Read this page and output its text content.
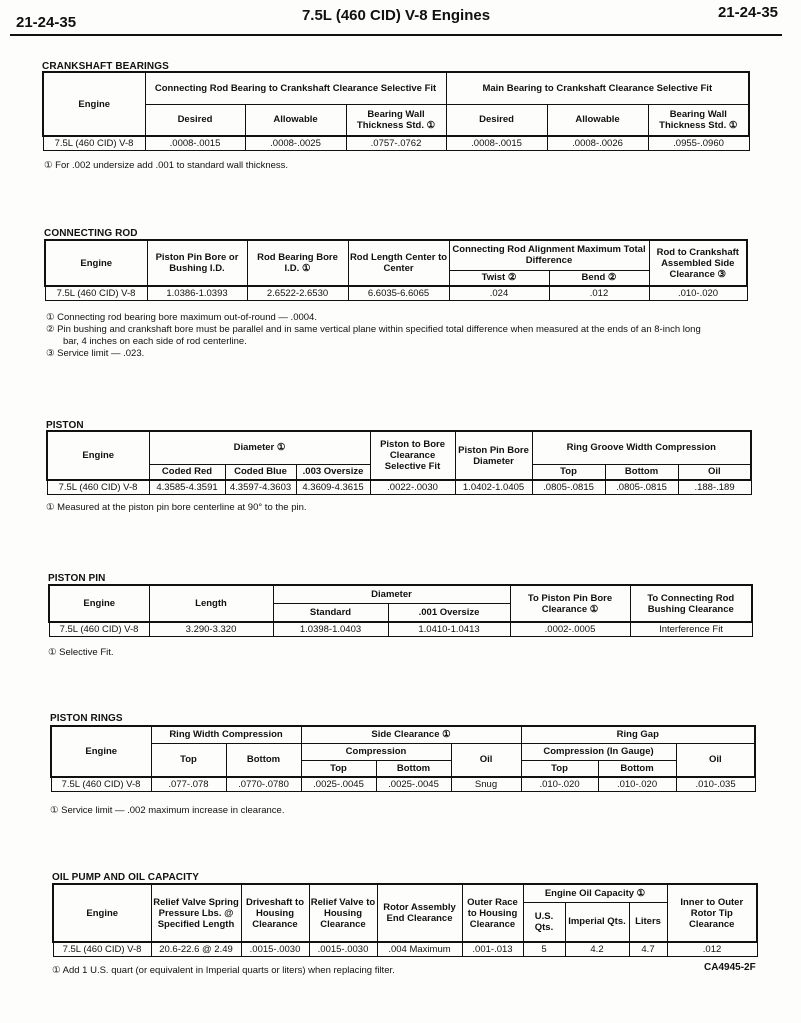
21-24-35	7.5L (460 CID) V-8 Engines	21-24-35
CRANKSHAFT BEARINGS
Engine	Connecting Rod Bearing to Crankshaft Clearance Selective Fit			Main Bearing to Crankshaft Clearance Selective Fit		
	Desired	Allowable	Bearing Wall Thickness Std. ①	Desired	Allowable	Bearing Wall Thickness Std. ①
7.5L (460 CID) V-8	.0008-.0015	.0008-.0025	.0757-.0762	.0008-.0015	.0008-.0026	.0955-.0960
① For .002 undersize add .001 to standard wall thickness.
CONNECTING ROD
Engine	Piston Pin Bore or Bushing I.D.	Rod Bearing Bore I.D. ①	Rod Length Center to Center	Connecting Rod Alignment Maximum Total Difference		Rod to Crankshaft Assembled Side Clearance ③
				Twist ②	Bend ②	
7.5L (460 CID) V-8	1.0386-1.0393	2.6522-2.6530	6.6035-6.6065	.024	.012	.010-.020
① Connecting rod bearing bore maximum out-of-round — .0004.
② Pin bushing and crankshaft bore must be parallel and in same vertical plane within specified total difference when measured at the ends of an 8-inch long
bar, 4 inches on each side of rod centerline.
③ Service limit — .023.
PISTON
Engine	Diameter ①			Piston to Bore Clearance Selective Fit	Piston Pin Bore Diameter	Ring Groove Width Compression		
	Coded Red	Coded Blue	.003 Oversize			Top	Bottom	Oil
7.5L (460 CID) V-8	4.3585-4.3591	4.3597-4.3603	4.3609-4.3615	.0022-.0030	1.0402-1.0405	.0805-.0815	.0805-.0815	.188-.189
① Measured at the piston pin bore centerline at 90° to the pin.
PISTON PIN
Engine	Length	Diameter		To Piston Pin Bore Clearance ①	To Connecting Rod Bushing Clearance
		Standard	.001 Oversize		
7.5L (460 CID) V-8	3.290-3.320	1.0398-1.0403	1.0410-1.0413	.0002-.0005	Interference Fit
① Selective Fit.
PISTON RINGS
Engine	Ring Width Compression		Side Clearance ①			Ring Gap		
	Top	Bottom	Compression		Oil	Compression (In Gauge)		Oil
			Top	Bottom		Top	Bottom	
7.5L (460 CID) V-8	.077-.078	.0770-.0780	.0025-.0045	.0025-.0045	Snug	.010-.020	.010-.020	.010-.035
① Service limit — .002 maximum increase in clearance.
OIL PUMP AND OIL CAPACITY
Engine	Relief Valve Spring Pressure Lbs. @ Specified Length	Driveshaft to Housing Clearance	Relief Valve to Housing Clearance	Rotor Assembly End Clearance	Outer Race to Housing Clearance	Engine Oil Capacity ①			Inner to Outer Rotor Tip Clearance
						U.S. Qts.	Imperial Qts.	Liters	
7.5L (460 CID) V-8	20.6-22.6 @ 2.49	.0015-.0030	.0015-.0030	.004 Maximum	.001-.013	5	4.2	4.7	.012
① Add 1 U.S. quart (or equivalent in Imperial quarts or liters) when replacing filter.	CA4945-2F
